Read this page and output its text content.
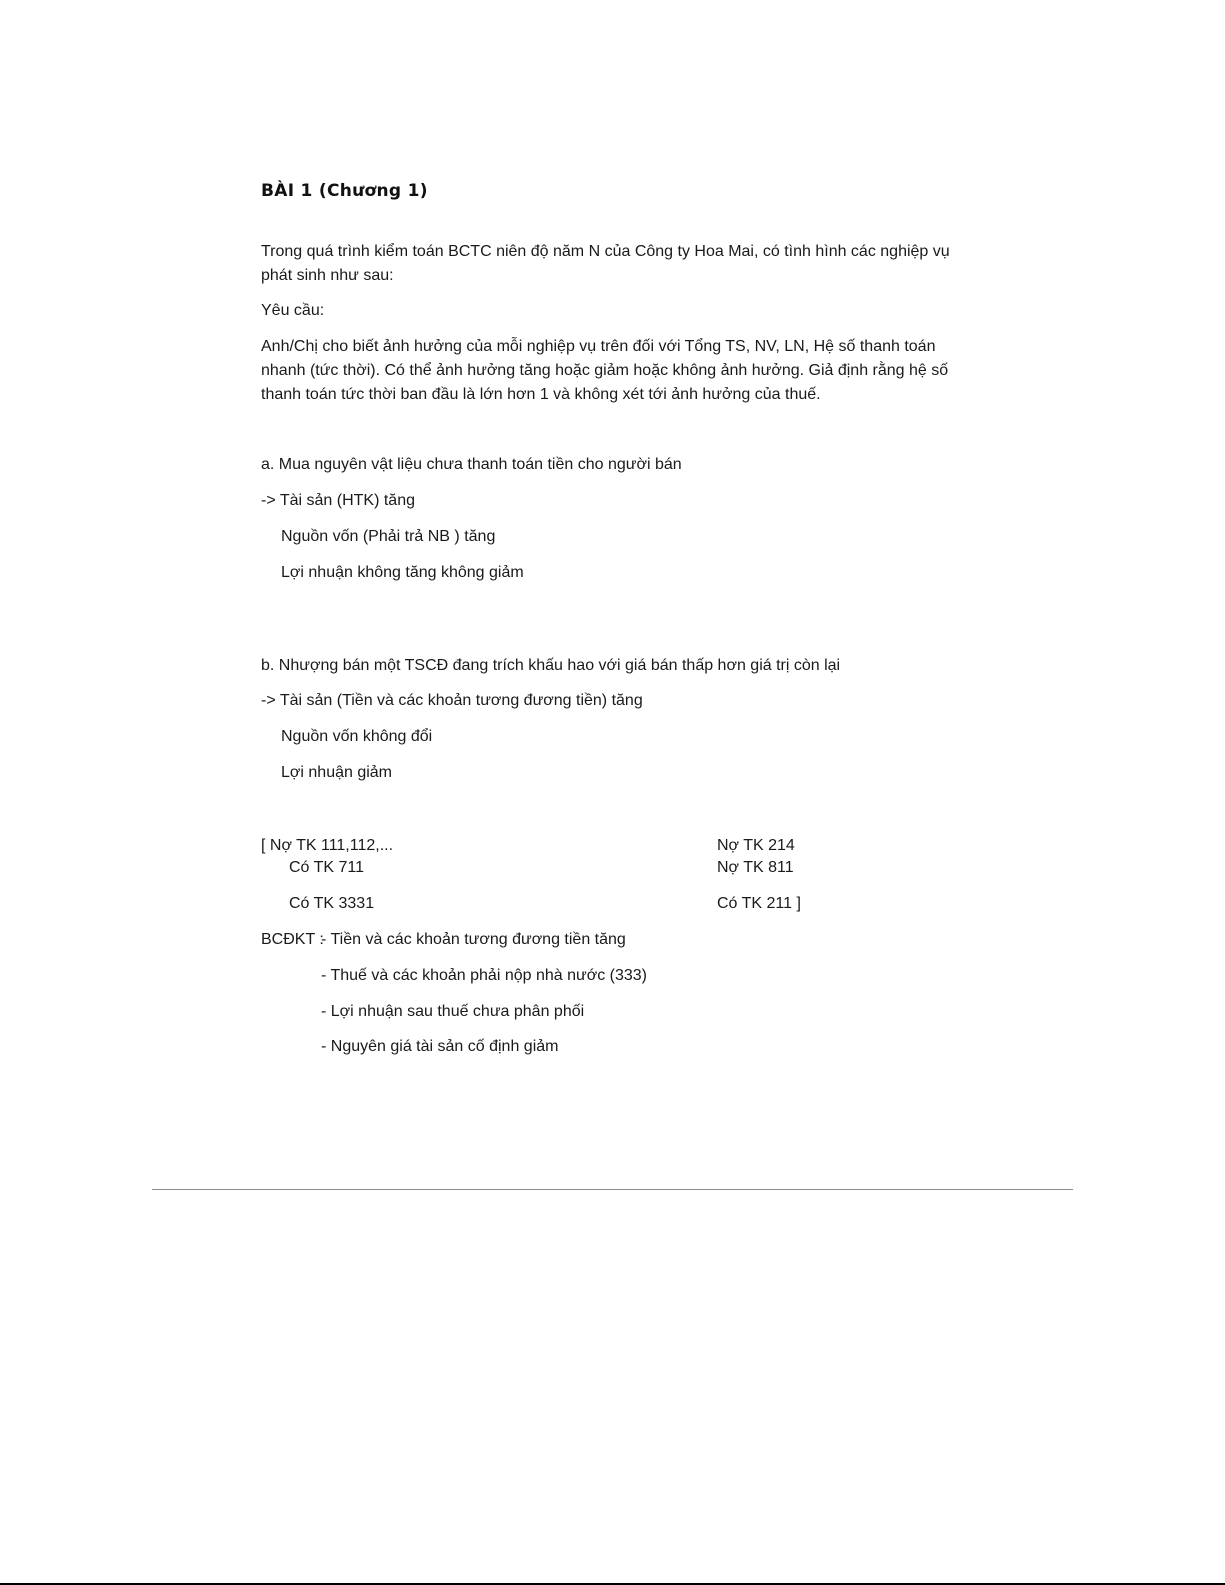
BÀI 1 (Chương 1)
Trong quá trình kiểm toán BCTC niên độ năm N của Công ty Hoa Mai, có tình hình các nghiệp vụ
phát sinh như sau:
Yêu cầu:
Anh/Chị cho biết ảnh hưởng của mỗi nghiệp vụ trên đối với Tổng TS, NV, LN, Hệ số thanh toán
nhanh (tức thời). Có thể ảnh hưởng tăng hoặc giảm hoặc không ảnh hưởng. Giả định rằng hệ số
thanh toán tức thời ban đầu là lớn hơn 1 và không xét tới ảnh hưởng của thuế.
a. Mua nguyên vật liệu chưa thanh toán tiền cho người bán
-> Tài sản (HTK) tăng
Nguồn vốn (Phải trả NB ) tăng
Lợi nhuận không tăng không giảm
b. Nhượng bán một TSCĐ đang trích khấu hao với giá bán thấp hơn giá trị còn lại
-> Tài sản (Tiền và các khoản tương đương tiền) tăng
Nguồn vốn không đổi
Lợi nhuận giảm
[ Nợ TK 111,112,...
Có TK 711
Có TK 3331
Nợ TK 214
Nợ TK 811
Có TK 211 ]
BCĐKT :
- Tiền và các khoản tương đương tiền tăng
- Thuế và các khoản phải nộp nhà nước (333)
- Lợi nhuận sau thuế chưa phân phối
- Nguyên giá tài sản cố định giảm
